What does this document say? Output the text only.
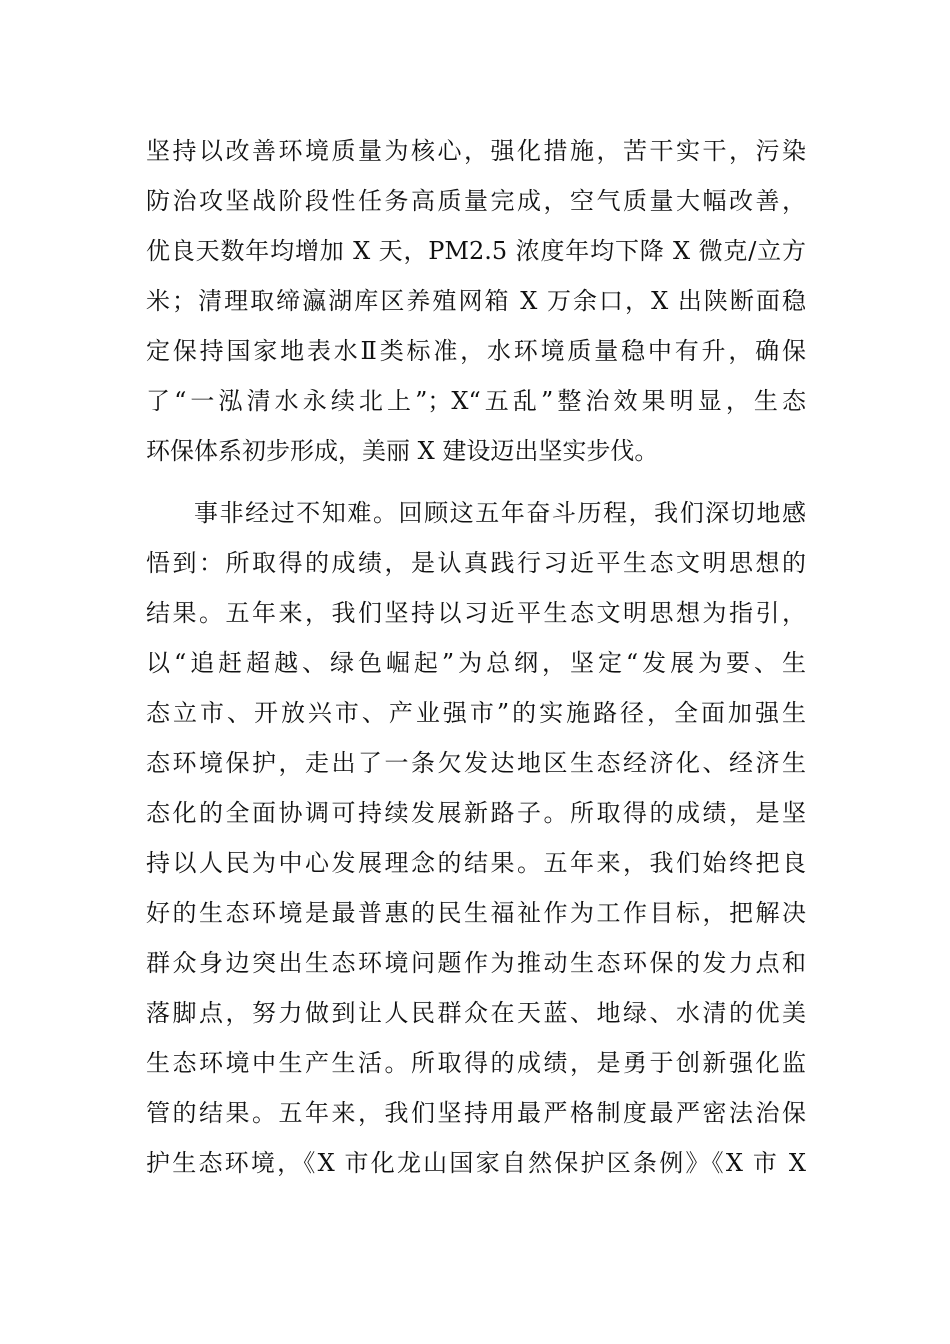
坚持以改善环境质量为核心，强化措施，苦干实干，污染
防治攻坚战阶段性任务高质量完成，空气质量大幅改善，
优良天数年均增加 X 天，PM2.5 浓度年均下降 X 微克/立方
米；清理取缔瀛湖库区养殖网箱 X 万余口，X 出陕断面稳
定保持国家地表水Ⅱ类标准，水环境质量稳中有升，确保
了“一泓清水永续北上”；X“五乱”整治效果明显，生态
环保体系初步形成，美丽 X 建设迈出坚实步伐。
事非经过不知难。回顾这五年奋斗历程，我们深切地感
悟到：所取得的成绩，是认真践行习近平生态文明思想的
结果。五年来，我们坚持以习近平生态文明思想为指引，
以“追赶超越、绿色崛起”为总纲，坚定“发展为要、生
态立市、开放兴市、产业强市”的实施路径，全面加强生
态环境保护，走出了一条欠发达地区生态经济化、经济生
态化的全面协调可持续发展新路子。所取得的成绩，是坚
持以人民为中心发展理念的结果。五年来，我们始终把良
好的生态环境是最普惠的民生福祉作为工作目标，把解决
群众身边突出生态环境问题作为推动生态环保的发力点和
落脚点，努力做到让人民群众在天蓝、地绿、水清的优美
生态环境中生产生活。所取得的成绩，是勇于创新强化监
管的结果。五年来，我们坚持用最严格制度最严密法治保
护生态环境，《X 市化龙山国家自然保护区条例》《X 市 X
